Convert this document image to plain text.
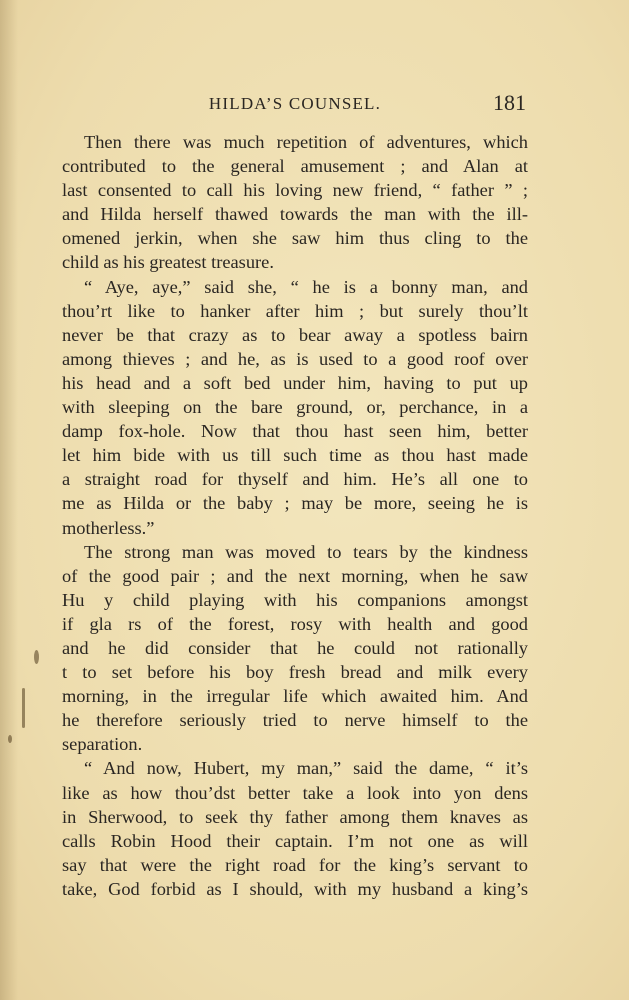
HILDA’S COUNSEL.	181
Then there was much repetition of adventures, which
contributed to the general amusement ; and Alan at
last consented to call his loving new friend, “ father ” ;
and Hilda herself thawed towards the man with the ill-
omened jerkin, when she saw him thus cling to the
child as his greatest treasure.
“ Aye, aye,” said she, “ he is a bonny man, and
thou’rt like to hanker after him ; but surely thou’lt
never be that crazy as to bear away a spotless bairn
among thieves ; and he, as is used to a good roof over
his head and a soft bed under him, having to put up
with sleeping on the bare ground, or, perchance, in a
damp fox-hole. Now that thou hast seen him, better
let him bide with us till such time as thou hast made
a straight road for thyself and him. He’s all one to
me as Hilda or the baby ; may be more, seeing he is
motherless.”
The strong man was moved to tears by the kindness
of the good pair ; and the next morning, when he saw
Hu y child playing with his companions amongst
if gla rs of the forest, rosy with health and good
and he did consider that he could not rationally
t to set before his boy fresh bread and milk every
morning, in the irregular life which awaited him. And
he therefore seriously tried to nerve himself to the
separation.
“ And now, Hubert, my man,” said the dame, “ it’s
like as how thou’dst better take a look into yon dens
in Sherwood, to seek thy father among them knaves as
calls Robin Hood their captain. I’m not one as will
say that were the right road for the king’s servant to
take, God forbid as I should, with my husband a king’s
